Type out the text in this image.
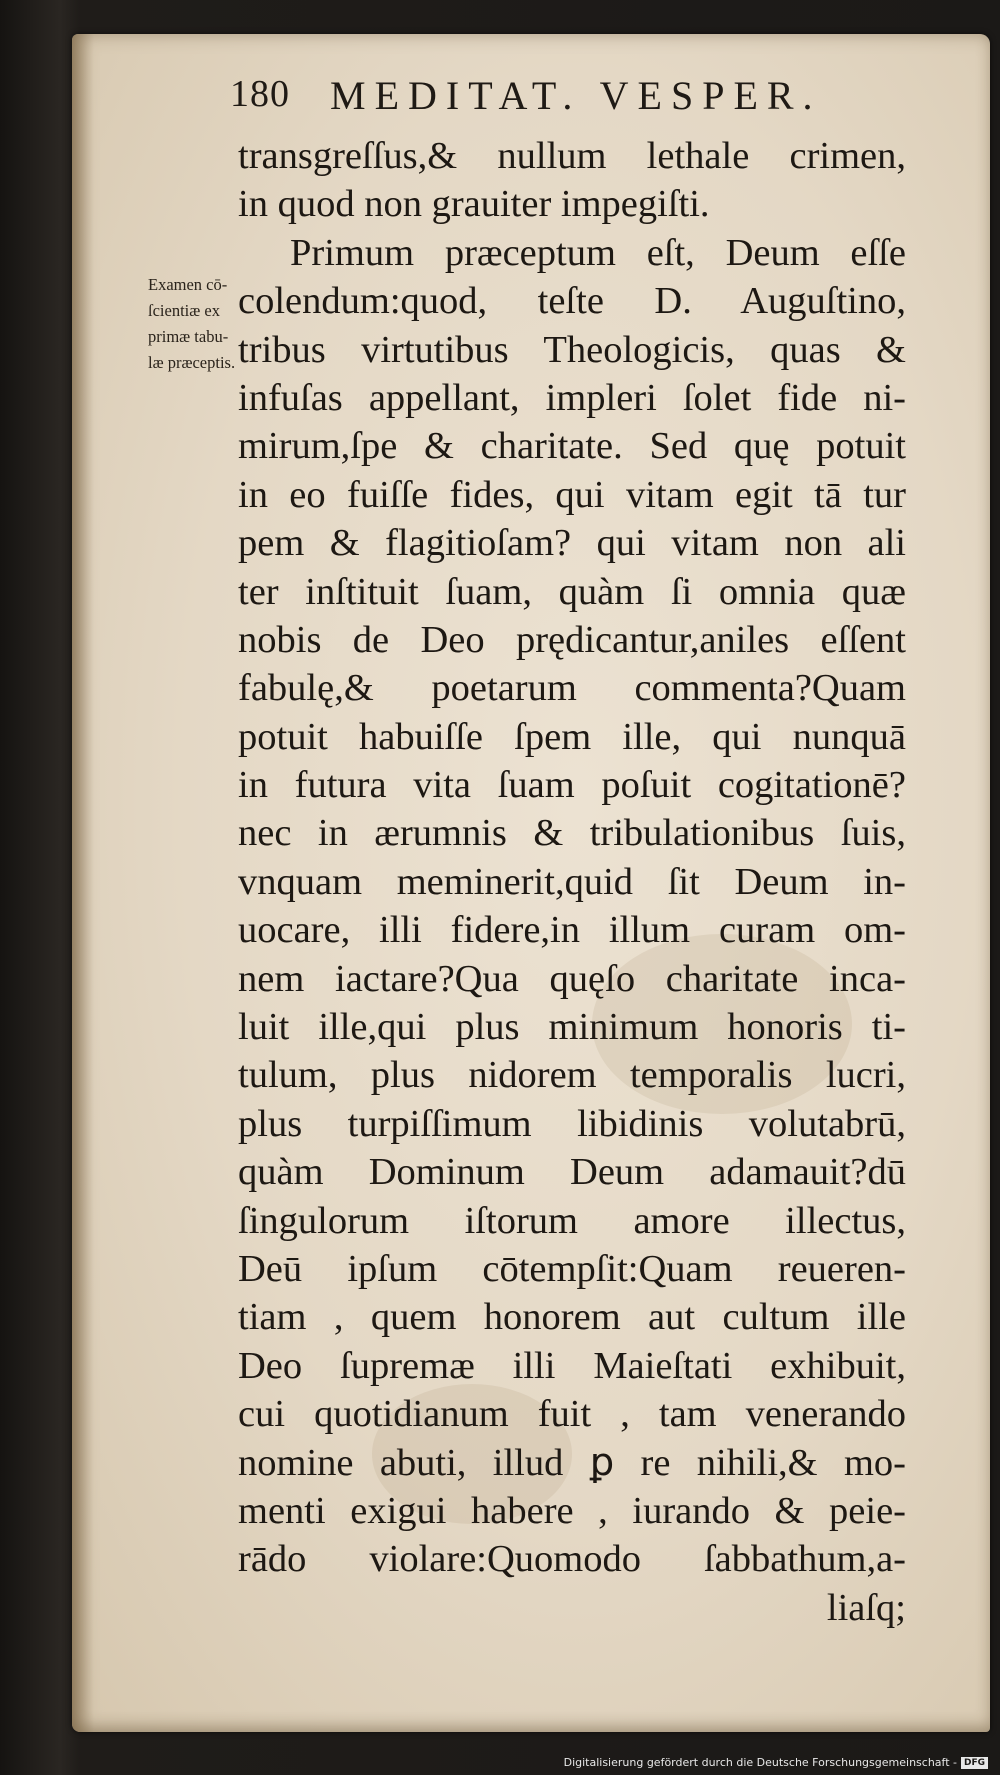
180 MEDITAT. VESPER.
Examen cō-
ſcientiæ ex
primæ tabu-
læ præceptis.
transgreſſus,& nullum lethale crimen,
in quod non grauiter impegiſti.
Primum præceptum eſt, Deum eſſe
colendum:quod, teſte D. Auguſtino,
tribus virtutibus Theologicis, quas &
infuſas appellant, impleri ſolet fide ni-
mirum,ſpe & charitate. Sed quę potuit
in eo fuiſſe fides, qui vitam egit tā tur
pem & flagitioſam? qui vitam non ali
ter inſtituit ſuam, quàm ſi omnia quæ
nobis de Deo prędicantur,aniles eſſent
fabulę,& poetarum commenta?Quam
potuit habuiſſe ſpem ille, qui nunquā
in futura vita ſuam poſuit cogitationē?
nec in ærumnis & tribulationibus ſuis,
vnquam meminerit,quid ſit Deum in-
uocare, illi fidere,in illum curam om-
nem iactare?Qua quęſo charitate inca-
luit ille,qui plus minimum honoris ti-
tulum, plus nidorem temporalis lucri,
plus turpiſſimum libidinis volutabrū,
quàm Dominum Deum adamauit?dū
ſingulorum iſtorum amore illectus,
Deū ipſum cōtempſit:Quam reueren-
tiam , quem honorem aut cultum ille
Deo ſupremæ illi Maieſtati exhibuit,
cui quotidianum fuit , tam venerando
nomine abuti, illud ꝑ re nihili,& mo-
menti exigui habere , iurando & peie-
rādo violare:Quomodo ſabbathum,a-
liaſq;
Digitalisierung gefördert durch die Deutsche Forschungsgemeinschaft - DFG
